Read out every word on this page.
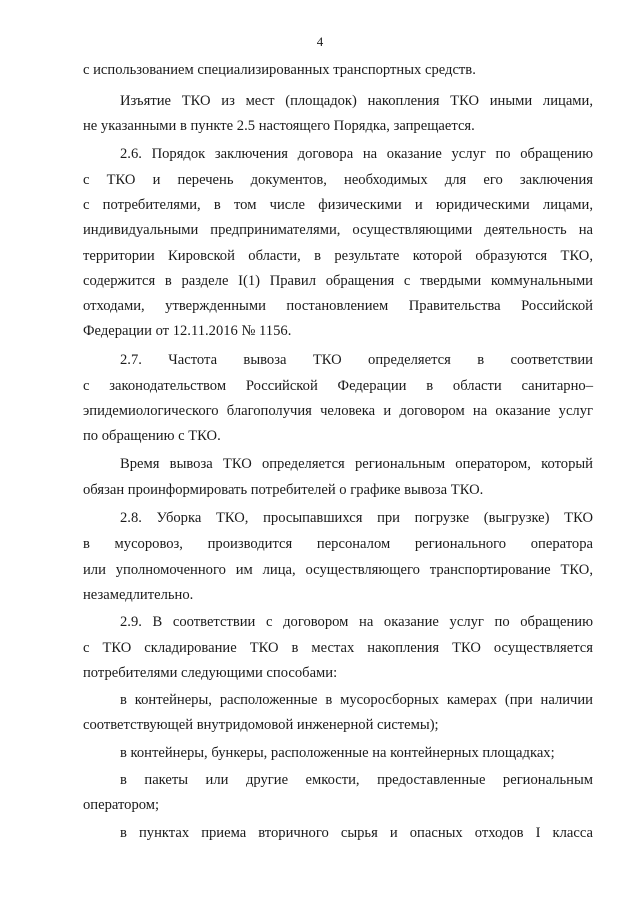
4
с использованием специализированных транспортных средств.
Изъятие ТКО из мест (площадок) накопления ТКО иными лицами,
не указанными в пункте 2.5 настоящего Порядка, запрещается.
2.6. Порядок заключения договора на оказание услуг по обращению
с ТКО и перечень документов, необходимых для его заключения
с потребителями, в том числе физическими и юридическими лицами,
индивидуальными предпринимателями, осуществляющими деятельность на
территории Кировской области, в результате которой образуются ТКО,
содержится в разделе I(1) Правил обращения с твердыми коммунальными
отходами, утвержденными постановлением Правительства Российской
Федерации от 12.11.2016 № 1156.
2.7. Частота вывоза ТКО определяется в соответствии
с законодательством Российской Федерации в области санитарно–
эпидемиологического благополучия человека и договором на оказание услуг
по обращению с ТКО.
Время вывоза ТКО определяется региональным оператором, который
обязан проинформировать потребителей о графике вывоза ТКО.
2.8. Уборка ТКО, просыпавшихся при погрузке (выгрузке) ТКО
в мусоровоз, производится персоналом регионального оператора
или уполномоченного им лица, осуществляющего транспортирование ТКО,
незамедлительно.
2.9. В соответствии с договором на оказание услуг по обращению
с ТКО складирование ТКО в местах накопления ТКО осуществляется
потребителями следующими способами:
в контейнеры, расположенные в мусоросборных камерах (при наличии
соответствующей внутридомовой инженерной системы);
в контейнеры, бункеры, расположенные на контейнерных площадках;
в пакеты или другие емкости, предоставленные региональным
оператором;
в пунктах приема вторичного сырья и опасных отходов I класса
